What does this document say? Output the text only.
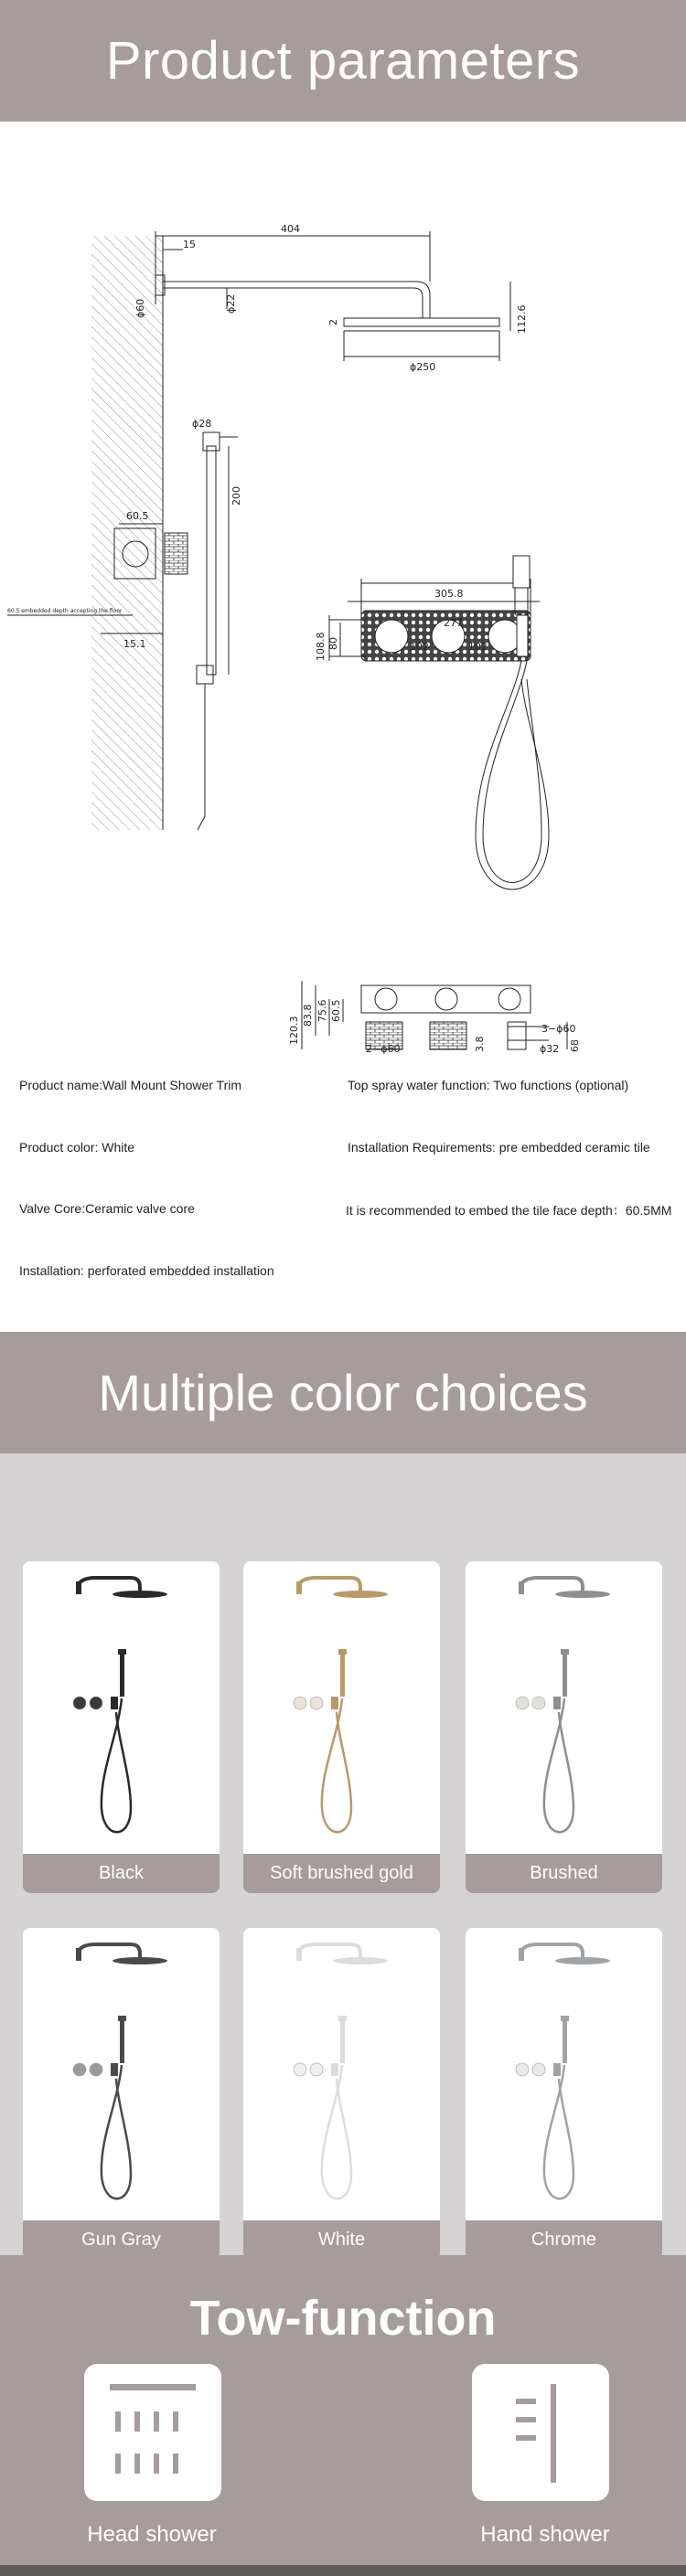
Product parameters
404
15
ϕ60	ϕ22
112.6
2
ϕ250
ϕ28
200
60.5
15.1
60.5 embedded depth accepting the floor
305.8
277
102	102
108.8 80
120.3
83.8 75.6 60.5
3−ϕ60
ϕ32 68
2−ϕ60	3.8
Product name:Wall Mount Shower Trim	Top spray water function: Two functions (optional)
Product color: White	Installation Requirements: pre embedded ceramic tile
Valve Core:Ceramic valve core	It is recommended to embed the tile face depth：60.5MM
Installation: perforated embedded installation
Multiple color choices
Black	Soft brushed gold	Brushed
Gun Gray	White	Chrome
Tow-function
Head shower	Hand shower
